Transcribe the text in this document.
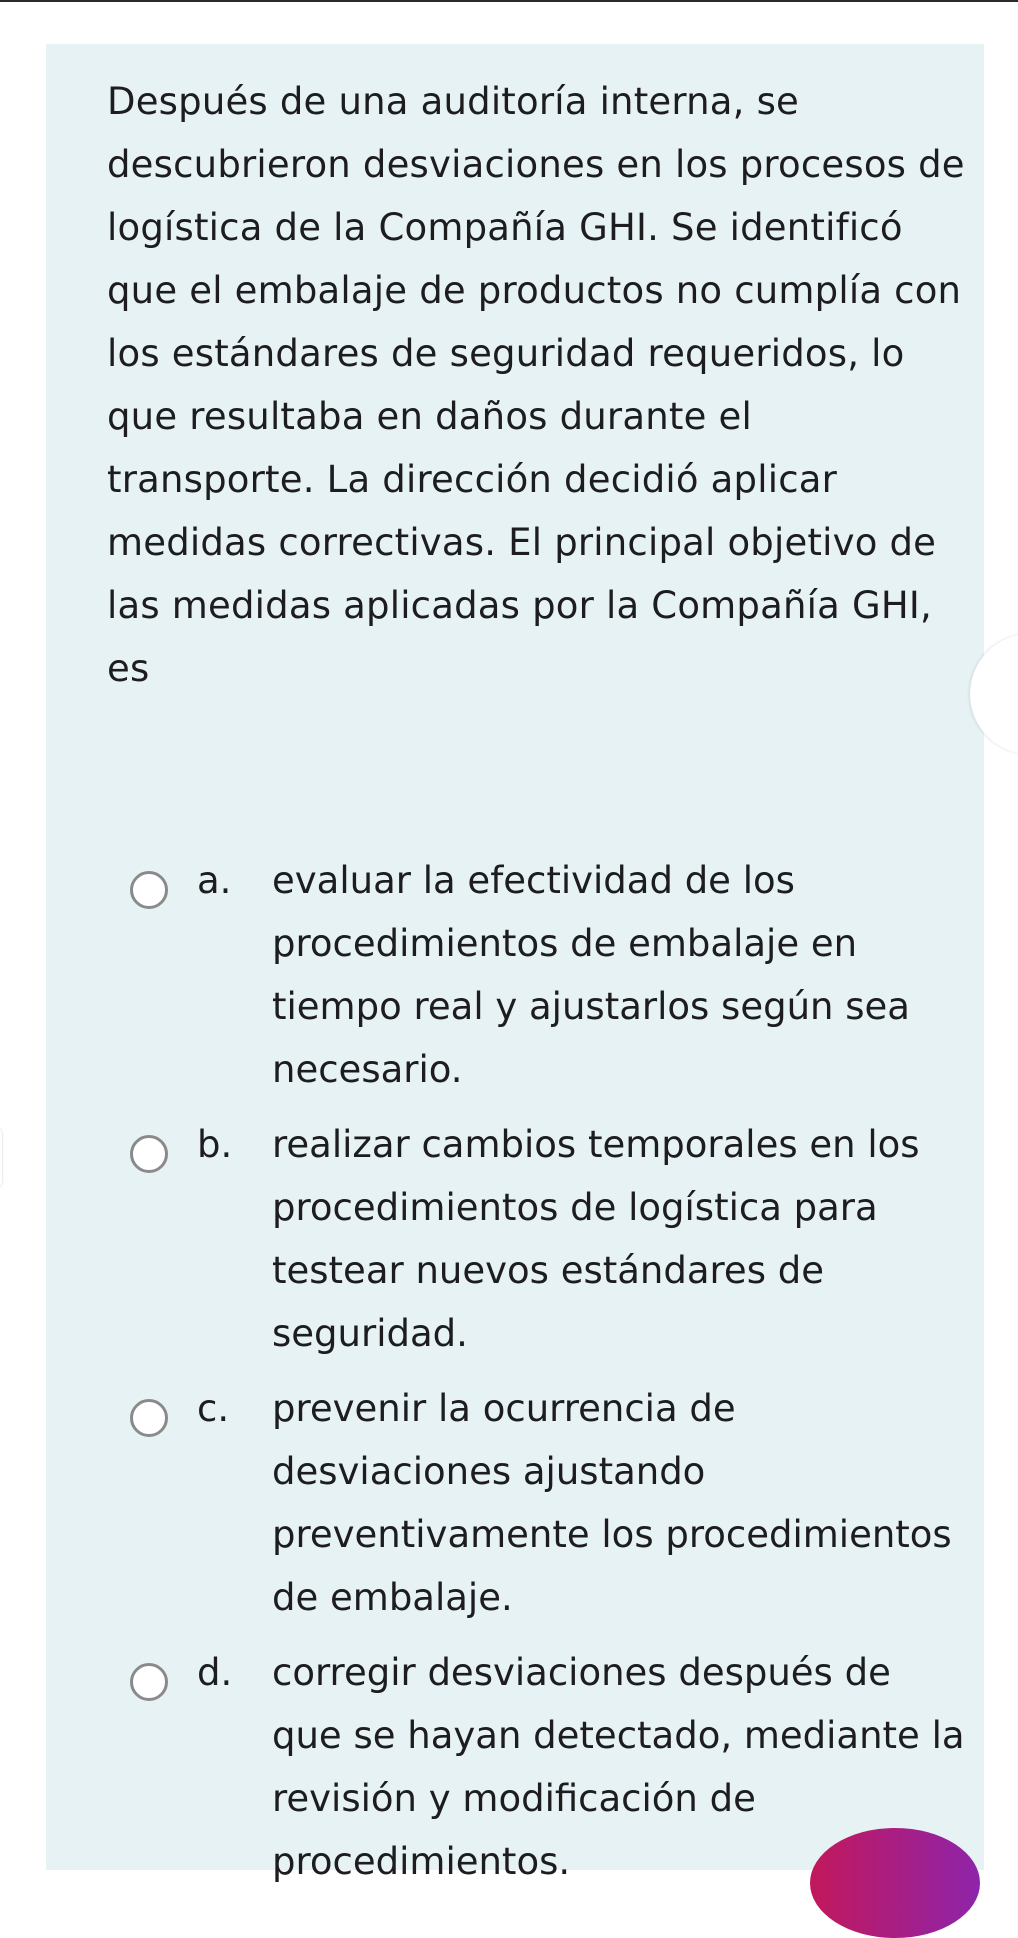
Después de una auditoría interna, se descubrieron desviaciones en los procesos de logística de la Compañía GHI. Se identificó que el embalaje de productos no cumplía con los estándares de seguridad requeridos, lo que resultaba en daños durante el transporte. La dirección decidió aplicar medidas correctivas. El principal objetivo de las medidas aplicadas por la Compañía GHI, es

a. evaluar la efectividad de los procedimientos de embalaje en tiempo real y ajustarlos según sea necesario.
b. realizar cambios temporales en los procedimientos de logística para testear nuevos estándares de seguridad.
c. prevenir la ocurrencia de desviaciones ajustando preventivamente los procedimientos de embalaje.
d. corregir desviaciones después de que se hayan detectado, mediante la revisión y modificación de procedimientos.
